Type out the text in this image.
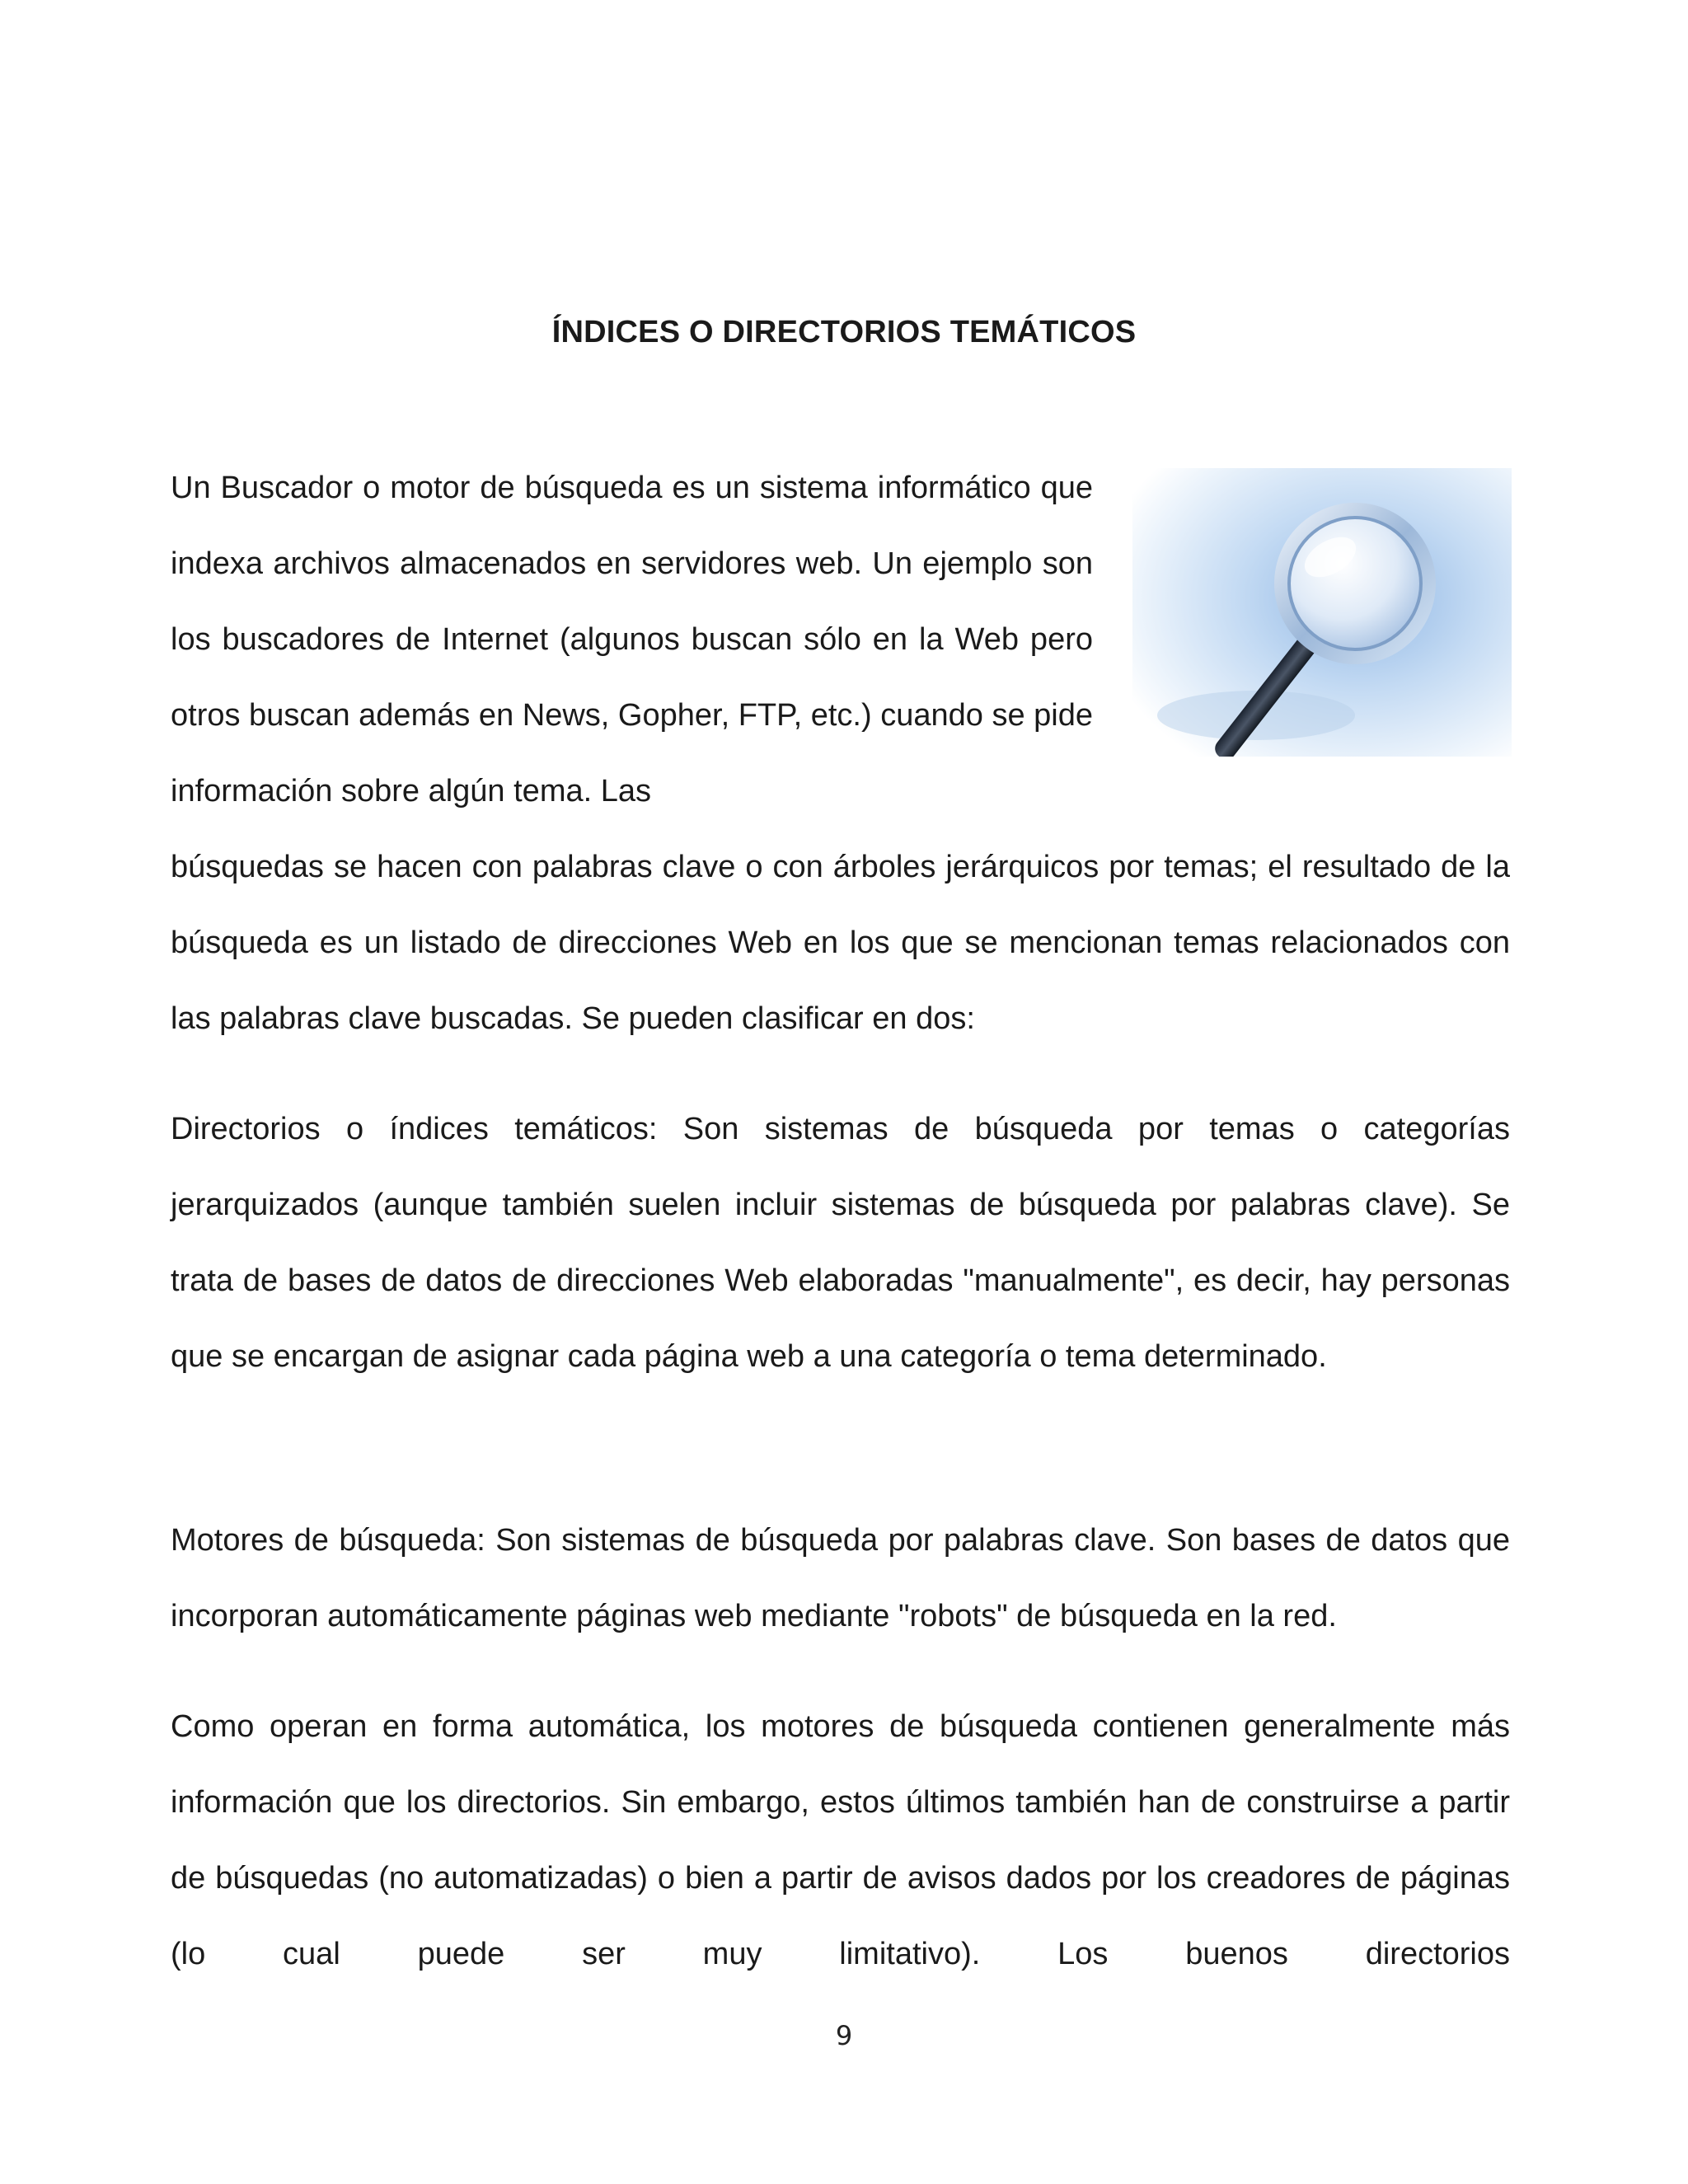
ÍNDICES O DIRECTORIOS TEMÁTICOS

Un Buscador o motor de búsqueda es un sistema informático que indexa archivos almacenados en servidores web. Un ejemplo son los buscadores de Internet (algunos buscan sólo en la Web pero otros buscan además en News, Gopher, FTP, etc.) cuando se pide información sobre algún tema. Las

búsquedas se hacen con palabras clave o con árboles jerárquicos por temas; el resultado de la búsqueda es un listado de direcciones Web en los que se mencionan temas relacionados con las palabras clave buscadas. Se pueden clasificar en dos:

Directorios o índices temáticos: Son sistemas de búsqueda por temas o categorías jerarquizados (aunque también suelen incluir sistemas de búsqueda por palabras clave). Se trata de bases de datos de direcciones Web elaboradas "manualmente", es decir, hay personas que se encargan de asignar cada página web a una categoría o tema determinado.

Motores de búsqueda: Son sistemas de búsqueda por palabras clave. Son bases de datos que incorporan automáticamente páginas web mediante "robots" de búsqueda en la red.

Como operan en forma automática, los motores de búsqueda contienen generalmente más información que los directorios. Sin embargo, estos últimos también han de construirse a partir de búsquedas (no automatizadas) o bien a partir de avisos dados por los creadores de páginas (lo cual puede ser muy limitativo). Los buenos directorios

9
